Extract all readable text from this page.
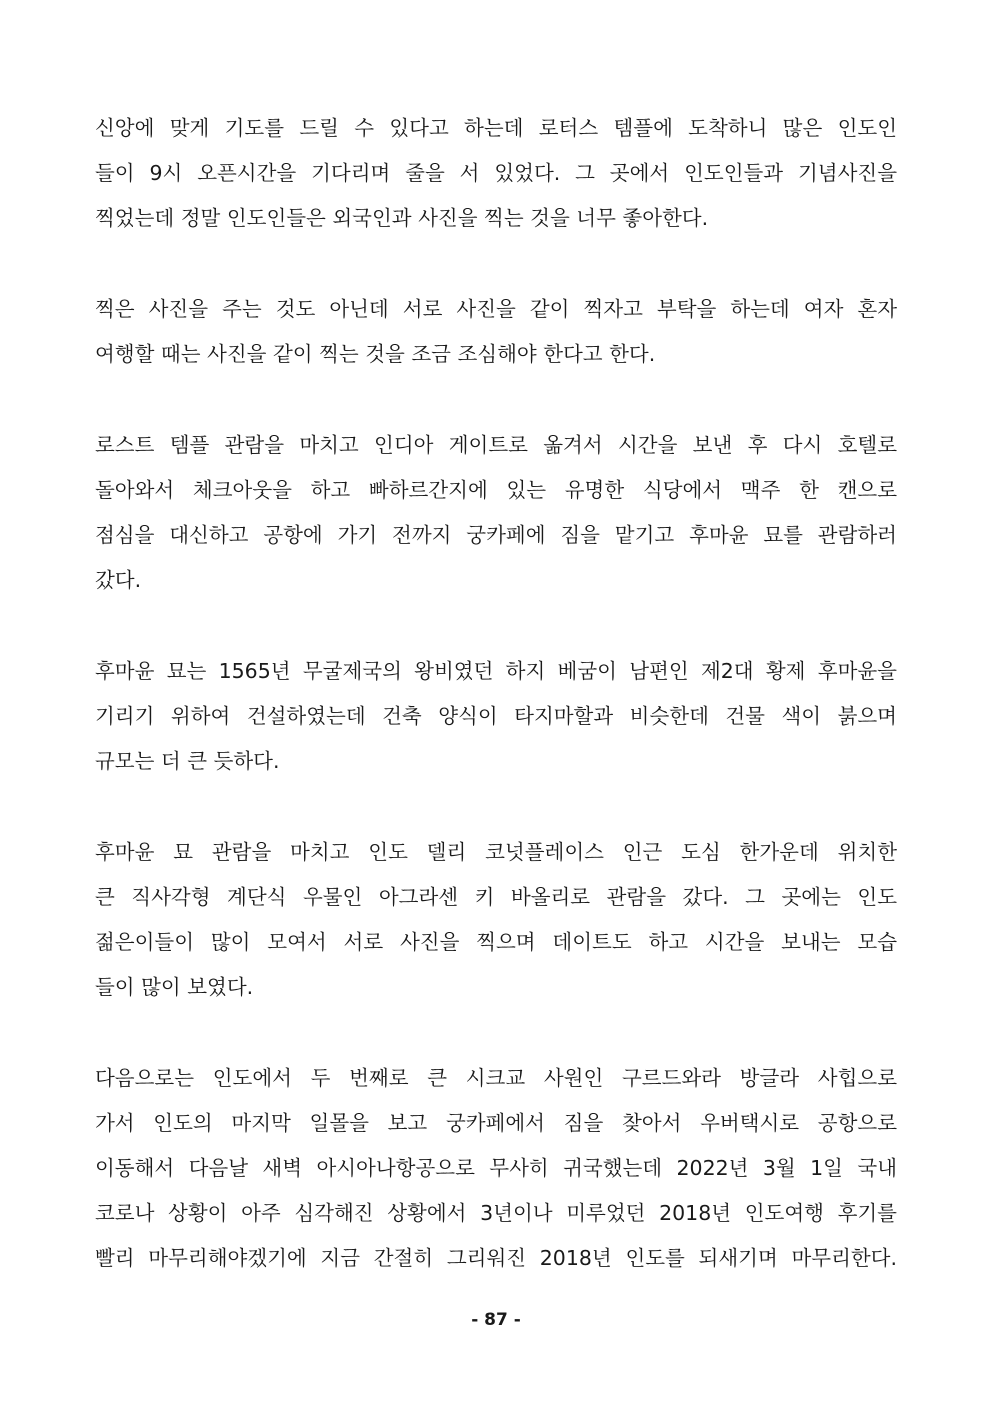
신앙에 맞게 기도를 드릴 수 있다고 하는데 로터스 템플에 도착하니 많은 인도인
들이 9시 오픈시간을 기다리며 줄을 서 있었다. 그 곳에서 인도인들과 기념사진을
찍었는데 정말 인도인들은 외국인과 사진을 찍는 것을 너무 좋아한다.
찍은 사진을 주는 것도 아닌데 서로 사진을 같이 찍자고 부탁을 하는데 여자 혼자
여행할 때는 사진을 같이 찍는 것을 조금 조심해야 한다고 한다.
로스트 템플 관람을 마치고 인디아 게이트로 옮겨서 시간을 보낸 후 다시 호텔로
돌아와서 체크아웃을 하고 빠하르간지에 있는 유명한 식당에서 맥주 한 캔으로
점심을 대신하고 공항에 가기 전까지 궁카페에 짐을 맡기고 후마윤 묘를 관람하러
갔다.
후마윤 묘는 1565년 무굴제국의 왕비였던 하지 베굼이 남편인 제2대 황제 후마윤을
기리기 위하여 건설하였는데 건축 양식이 타지마할과 비슷한데 건물 색이 붉으며
규모는 더 큰 듯하다.
후마윤 묘 관람을 마치고 인도 델리 코넛플레이스 인근 도심 한가운데 위치한
큰 직사각형 계단식 우물인 아그라센 키 바올리로 관람을 갔다. 그 곳에는 인도
젊은이들이 많이 모여서 서로 사진을 찍으며 데이트도 하고 시간을 보내는 모습
들이 많이 보였다.
다음으로는 인도에서 두 번째로 큰 시크교 사원인 구르드와라 방글라 사힙으로
가서 인도의 마지막 일몰을 보고 궁카페에서 짐을 찾아서 우버택시로 공항으로
이동해서 다음날 새벽 아시아나항공으로 무사히 귀국했는데 2022년 3월 1일 국내
코로나 상황이 아주 심각해진 상황에서 3년이나 미루었던 2018년 인도여행 후기를
빨리 마무리해야겠기에 지금 간절히 그리워진 2018년 인도를 되새기며 마무리한다.
- 87 -
